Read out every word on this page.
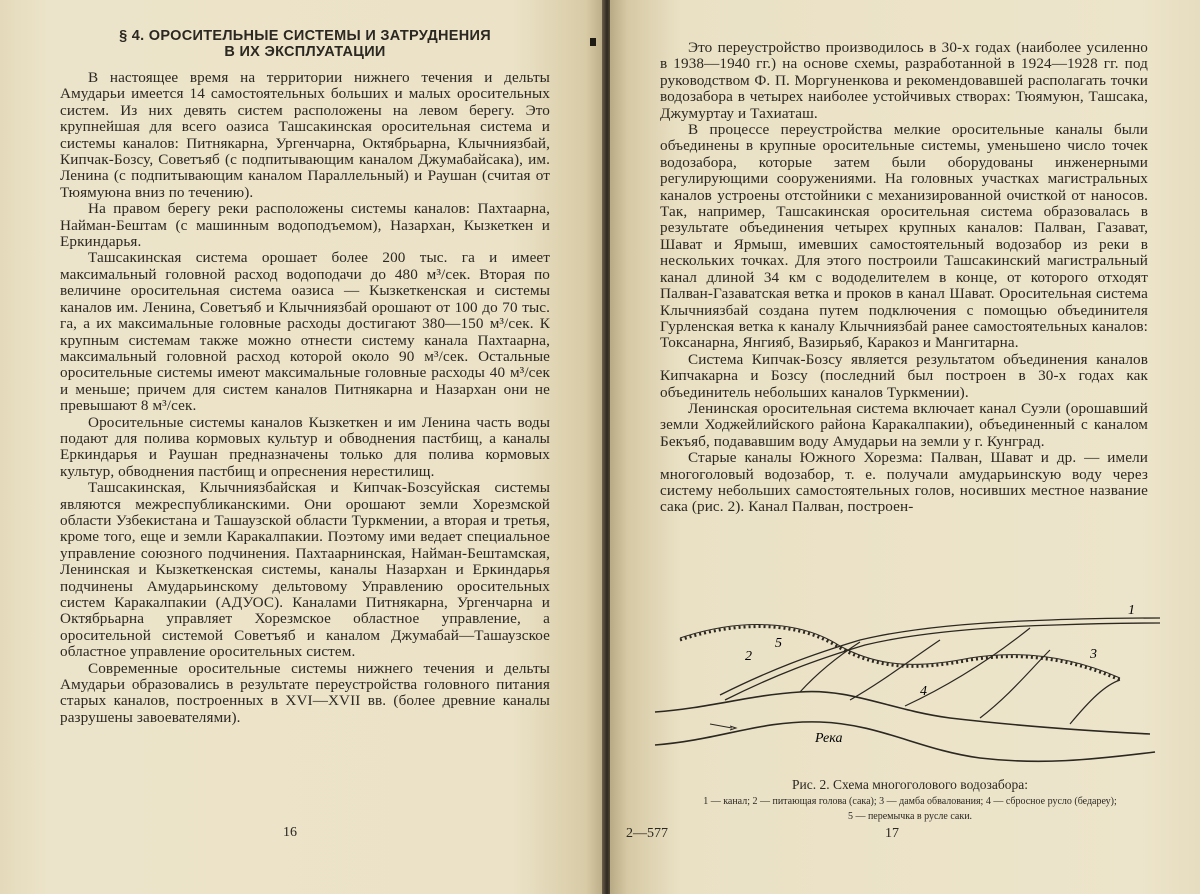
§ 4. ОРОСИТЕЛЬНЫЕ СИСТЕМЫ И ЗАТРУДНЕНИЯ
В ИХ ЭКСПЛУАТАЦИИ

В настоящее время на территории нижнего течения и дельты Амударьи имеется 14 самостоятельных больших и малых оросительных систем. Из них девять систем расположены на левом берегу. Это крупнейшая для всего оазиса Ташсакинская оросительная система и системы каналов: Питнякарна, Ургенчарна, Октябрьарна, Клычниязбай, Кипчак-Бозсу, Советъяб (с подпитывающим каналом Джумабайсака), им. Ленина (с подпитывающим каналом Параллельный) и Раушан (считая от Тюямуюна вниз по течению).

На правом берегу реки расположены системы каналов: Пахтаарна, Найман-Бештам (с машинным водоподъемом), Назархан, Кызкеткен и Еркиндарья.

Ташсакинская система орошает более 200 тыс. га и имеет максимальный головной расход водоподачи до 480 м³/сек. Вторая по величине оросительная система оазиса — Кызкеткенская и системы каналов им. Ленина, Советъяб и Клычниязбай орошают от 100 до 70 тыс. га, а их максимальные головные расходы достигают 380—150 м³/сек. К крупным системам также можно отнести систему канала Пахтаарна, максимальный головной расход которой около 90 м³/сек. Остальные оросительные системы имеют максимальные головные расходы 40 м³/сек и меньше; причем для систем каналов Питнякарна и Назархан они не превышают 8 м³/сек.

Оросительные системы каналов Кызкеткен и им Ленина часть воды подают для полива кормовых культур и обводнения пастбищ, а каналы Еркиндарья и Раушан предназначены только для полива кормовых культур, обводнения пастбищ и опреснения нерестилищ.

Ташсакинская, Клычниязбайская и Кипчак-Бозсуйская системы являются межреспубликанскими. Они орошают земли Хорезмской области Узбекистана и Ташаузской области Туркмении, а вторая и третья, кроме того, еще и земли Каракалпакии. Поэтому ими ведает специальное управление союзного подчинения. Пахтаарнинская, Найман-Бештамская, Ленинская и Кызкеткенская системы, каналы Назархан и Еркиндарья подчинены Амударьинскому дельтовому Управлению оросительных систем Каракалпакии (АДУОС). Каналами Питнякарна, Ургенчарна и Октябрьарна управляет Хорезмское областное управление, а оросительной системой Советъяб и каналом Джумабай—Ташаузское областное управление оросительных систем.

Современные оросительные системы нижнего течения и дельты Амударьи образовались в результате переустройства головного питания старых каналов, построенных в XVI—XVII вв. (более древние каналы разрушены завоевателями).

16

Это переустройство производилось в 30-х годах (наиболее усиленно в 1938—1940 гг.) на основе схемы, разработанной в 1924—1928 гг. под руководством Ф. П. Моргуненкова и рекомендовавшей располагать точки водозабора в четырех наиболее устойчивых створах: Тюямуюн, Ташсака, Джумуртау и Тахиаташ.

В процессе переустройства мелкие оросительные каналы были объединены в крупные оросительные системы, уменьшено число точек водозабора, которые затем были оборудованы инженерными регулирующими сооружениями. На головных участках магистральных каналов устроены отстойники с механизированной очисткой от наносов. Так, например, Ташсакинская оросительная система образовалась в результате объединения четырех крупных каналов: Палван, Газават, Шават и Ярмыш, имевших самостоятельный водозабор из реки в нескольких точках. Для этого построили Ташсакинский магистральный канал длиной 34 км с вододелителем в конце, от которого отходят Палван-Газаватская ветка и проков в канал Шават. Оросительная система Клычниязбай создана путем подключения с помощью объединителя Гурленская ветка к каналу Клычниязбай ранее самостоятельных каналов: Токсанарна, Янгияб, Вазирьяб, Каракоз и Мангитарна.

Система Кипчак-Бозсу является результатом объединения каналов Кипчакарна и Бозсу (последний был построен в 30-х годах как объединитель небольших каналов Туркмении).

Ленинская оросительная система включает канал Суэли (орошавший земли Ходжейлийского района Каракалпакии), объединенный с каналом Бекъяб, подававшим воду Амударьи на земли у г. Кунград.

Старые каналы Южного Хорезма: Палван, Шават и др. — имели многоголовый водозабор, т. е. получали амударьинскую воду через систему небольших самостоятельных голов, носивших местное название сака (рис. 2). Канал Палван, построен-

1
2	3
4
5
Река
Рис. 2. Схема многоголового водозабора:
1 — канал; 2 — питающая голова (сака); 3 — дамба обвалования; 4 — сбросное русло (бедареу);
5 — перемычка в русле саки.
2—577	17
